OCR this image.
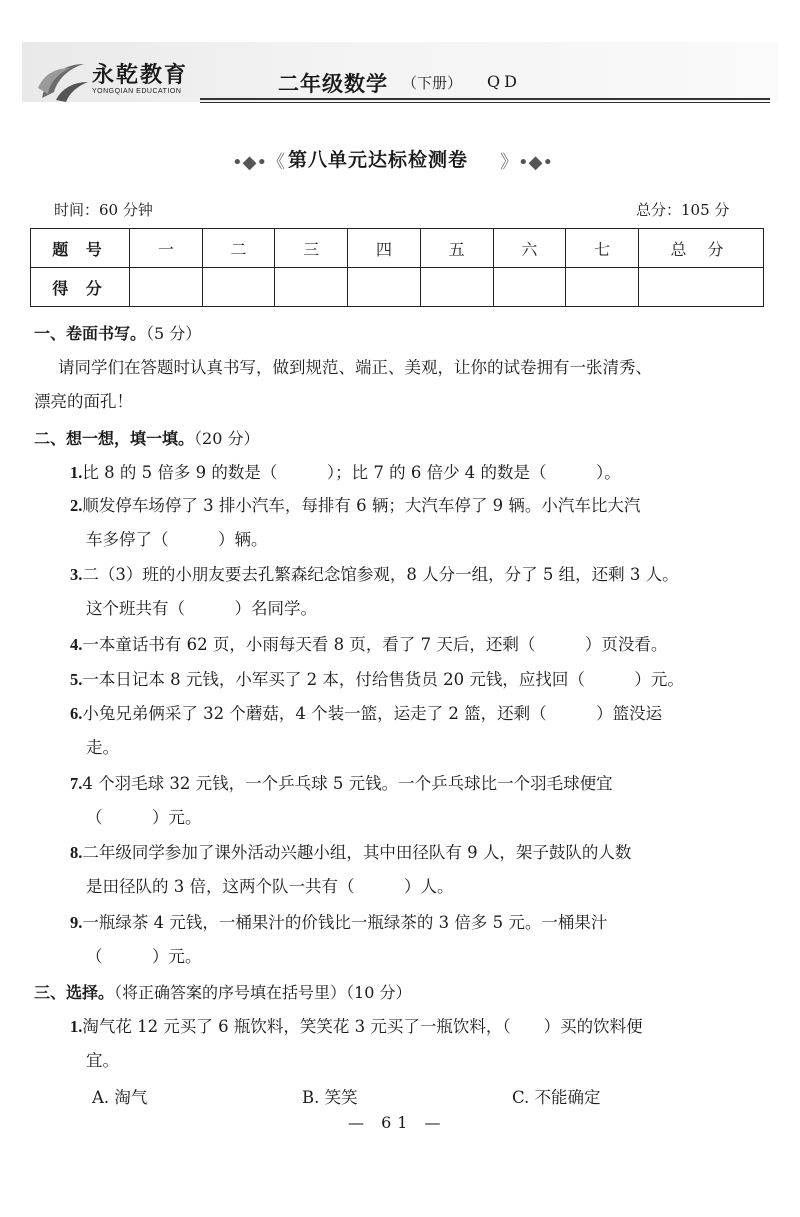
永乾教育
YONGQIAN EDUCATION	二年级数学 （下册） QD
•◆•《 第八单元达标检测卷 》•◆•
时间：60 分钟	总分：105 分
题 号	一	二	三	四	五	六	七	总 分
得 分								
一、卷面书写。（5 分）
请同学们在答题时认真书写，做到规范、端正、美观，让你的试卷拥有一张清秀、
漂亮的面孔！
二、想一想，填一填。（20 分）
1.比 8 的 5 倍多 9 的数是（　　　）；比 7 的 6 倍少 4 的数是（　　　）。
2.顺发停车场停了 3 排小汽车，每排有 6 辆；大汽车停了 9 辆。小汽车比大汽
车多停了（　　　）辆。
3.二（3）班的小朋友要去孔繁森纪念馆参观，8 人分一组，分了 5 组，还剩 3 人。
这个班共有（　　　）名同学。
4.一本童话书有 62 页，小雨每天看 8 页，看了 7 天后，还剩（　　　）页没看。
5.一本日记本 8 元钱，小军买了 2 本，付给售货员 20 元钱，应找回（　　　）元。
6.小兔兄弟俩采了 32 个蘑菇，4 个装一篮，运走了 2 篮，还剩（　　　）篮没运
走。
7.4 个羽毛球 32 元钱，一个乒乓球 5 元钱。一个乒乓球比一个羽毛球便宜
（　　　）元。
8.二年级同学参加了课外活动兴趣小组，其中田径队有 9 人，架子鼓队的人数
是田径队的 3 倍，这两个队一共有（　　　）人。
9.一瓶绿茶 4 元钱，一桶果汁的价钱比一瓶绿茶的 3 倍多 5 元。一桶果汁
（　　　）元。
三、选择。（将正确答案的序号填在括号里）（10 分）
1.淘气花 12 元买了 6 瓶饮料，笑笑花 3 元买了一瓶饮料，（　　）买的饮料便
宜。
A. 淘气	B. 笑笑	C. 不能确定
— 61 —
